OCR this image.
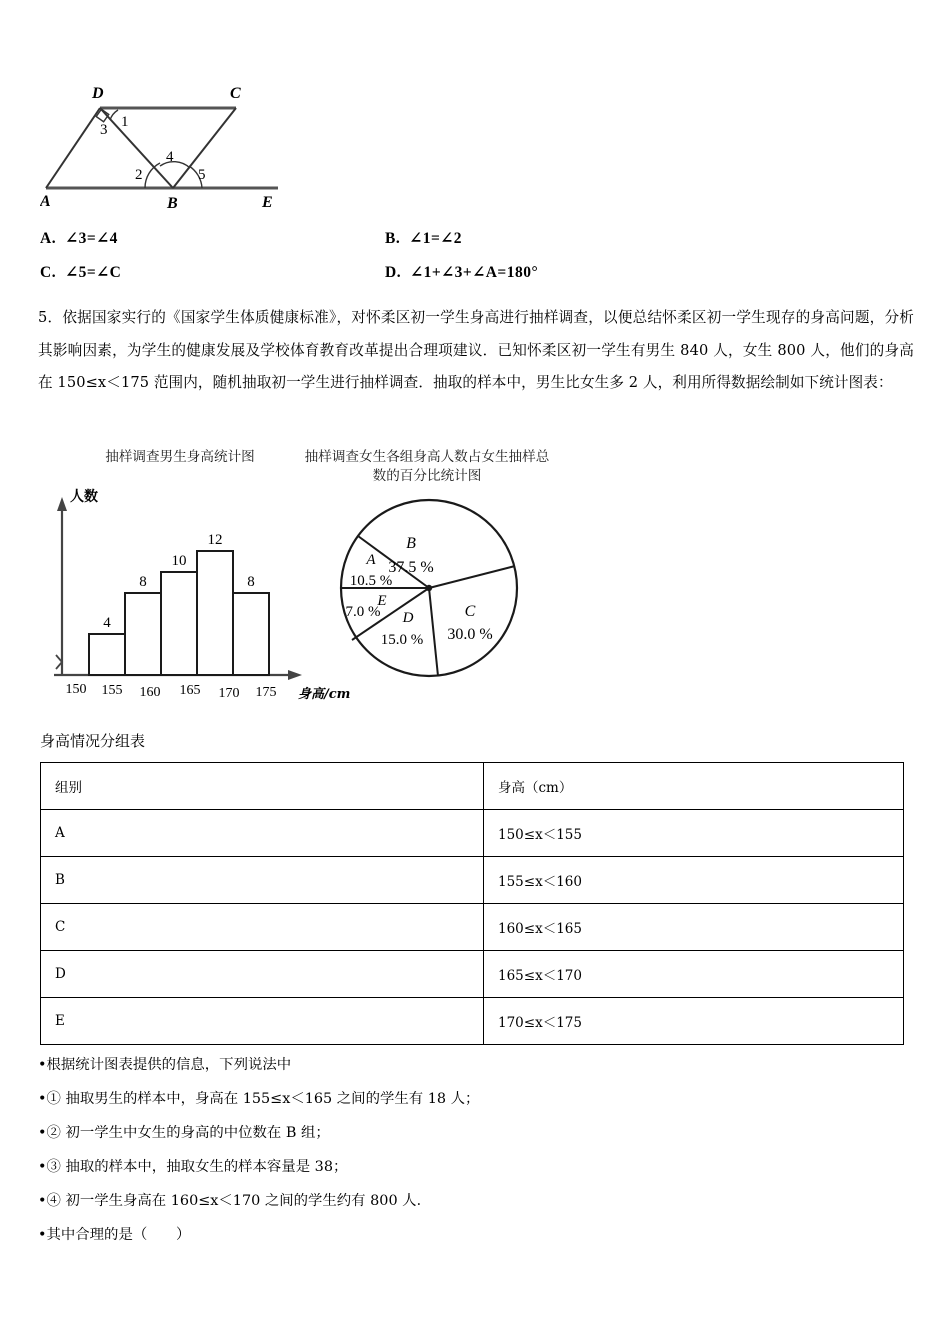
D	C
A	B	E
1
2
3
4
5
A. ∠3=∠4	B. ∠1=∠2
C. ∠5=∠C	D. ∠1+∠3+∠A=180°
5．依据国家实行的《国家学生体质健康标准》，对怀柔区初一学生身高进行抽样调查，以便总结怀柔区初一学生现存的身高问题，分析其影响因素，为学生的健康发展及学校体育教育改革提出合理项建议．已知怀柔区初一学生有男生 840 人，女生 800 人，他们的身高在 150≤x＜175 范围内，随机抽取初一学生进行抽样调查．抽取的样本中，男生比女生多 2 人，利用所得数据绘制如下统计图表：
抽样调查男生身高统计图	抽样调查女生各组身高人数占女生抽样总数的百分比统计图
4
8
10
12
8
150 155 160 165 170 175
人数
身高/cm
B
37.5 %
A
10.5 %
C
30.0 %
D
15.0 %
E
7.0 %
身高情况分组表
组别	身高（cm）
A	150≤x＜155
B	155≤x＜160
C	160≤x＜165
D	165≤x＜170
E	170≤x＜175
•根据统计图表提供的信息，下列说法中
•① 抽取男生的样本中，身高在 155≤x＜165 之间的学生有 18 人；
•② 初一学生中女生的身高的中位数在 B 组；
•③ 抽取的样本中，抽取女生的样本容量是 38；
•④ 初一学生身高在 160≤x＜170 之间的学生约有 800 人．
•其中合理的是（　　）
